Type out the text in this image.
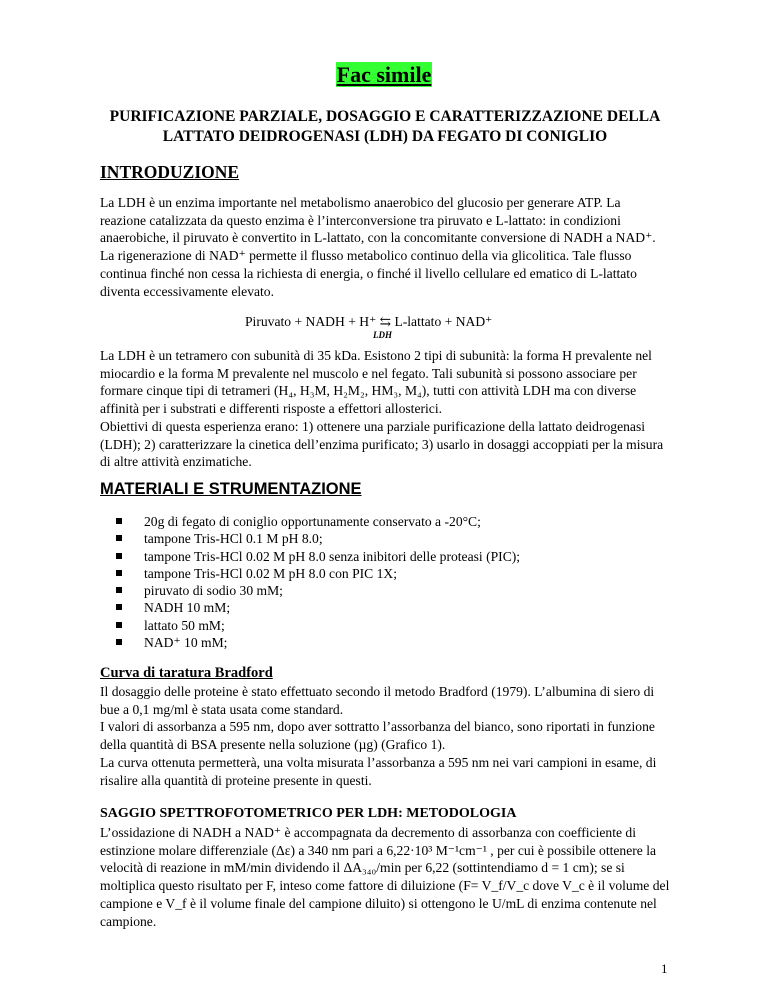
Fac simile
PURIFICAZIONE PARZIALE, DOSAGGIO E CARATTERIZZAZIONE DELLA
LATTATO DEIDROGENASI (LDH) DA FEGATO DI CONIGLIO
INTRODUZIONE
La LDH è un enzima importante nel metabolismo anaerobico del glucosio per generare ATP. La
reazione catalizzata da questo enzima è l’interconversione tra piruvato e L-lattato: in condizioni
anaerobiche, il piruvato è convertito in L-lattato, con la concomitante conversione di NADH a NAD⁺.
La rigenerazione di NAD⁺ permette il flusso metabolico continuo della via glicolitica. Tale flusso
continua finché non cessa la richiesta di energia, o finché il livello cellulare ed ematico di L-lattato
diventa eccessivamente elevato.
Piruvato + NADH + H⁺ ⇆ L-lattato + NAD⁺
LDH
La LDH è un tetramero con subunità di 35 kDa. Esistono 2 tipi di subunità: la forma H prevalente nel
miocardio e la forma M prevalente nel muscolo e nel fegato. Tali subunità si possono associare per
formare cinque tipi di tetrameri (H₄, H₃M, H₂M₂, HM₃, M₄), tutti con attività LDH ma con diverse
affinità per i substrati e differenti risposte a effettori allosterici.
Obiettivi di questa esperienza erano: 1) ottenere una parziale purificazione della lattato deidrogenasi
(LDH); 2) caratterizzare la cinetica dell’enzima purificato; 3) usarlo in dosaggi accoppiati per la misura
di altre attività enzimatiche.
MATERIALI E STRUMENTAZIONE
20g di fegato di coniglio opportunamente conservato a -20°C;
tampone Tris-HCl 0.1 M pH 8.0;
tampone Tris-HCl 0.02 M pH 8.0 senza inibitori delle proteasi (PIC);
tampone Tris-HCl 0.02 M pH 8.0 con PIC 1X;
piruvato di sodio 30 mM;
NADH 10 mM;
lattato 50 mM;
NAD⁺ 10 mM;
Curva di taratura Bradford
Il dosaggio delle proteine è stato effettuato secondo il metodo Bradford (1979). L’albumina di siero di
bue a 0,1 mg/ml è stata usata come standard.
I valori di assorbanza a 595 nm, dopo aver sottratto l’assorbanza del bianco, sono riportati in funzione
della quantità di BSA presente nella soluzione (µg) (Grafico 1).
La curva ottenuta permetterà, una volta misurata l’assorbanza a 595 nm nei vari campioni in esame, di
risalire alla quantità di proteine presente in questi.
SAGGIO SPETTROFOTOMETRICO PER LDH: METODOLOGIA
L’ossidazione di NADH a NAD⁺ è accompagnata da decremento di assorbanza con coefficiente di
estinzione molare differenziale (Δε) a 340 nm pari a 6,22·10³ M⁻¹cm⁻¹ , per cui è possibile ottenere la
velocità di reazione in mM/min dividendo il ΔA₃₄₀/min per 6,22 (sottintendiamo d = 1 cm); se si
moltiplica questo risultato per F, inteso come fattore di diluizione (F= V_f/V_c dove V_c è il volume del
campione e V_f è il volume finale del campione diluito) si ottengono le U/mL di enzima contenute nel
campione.
1
